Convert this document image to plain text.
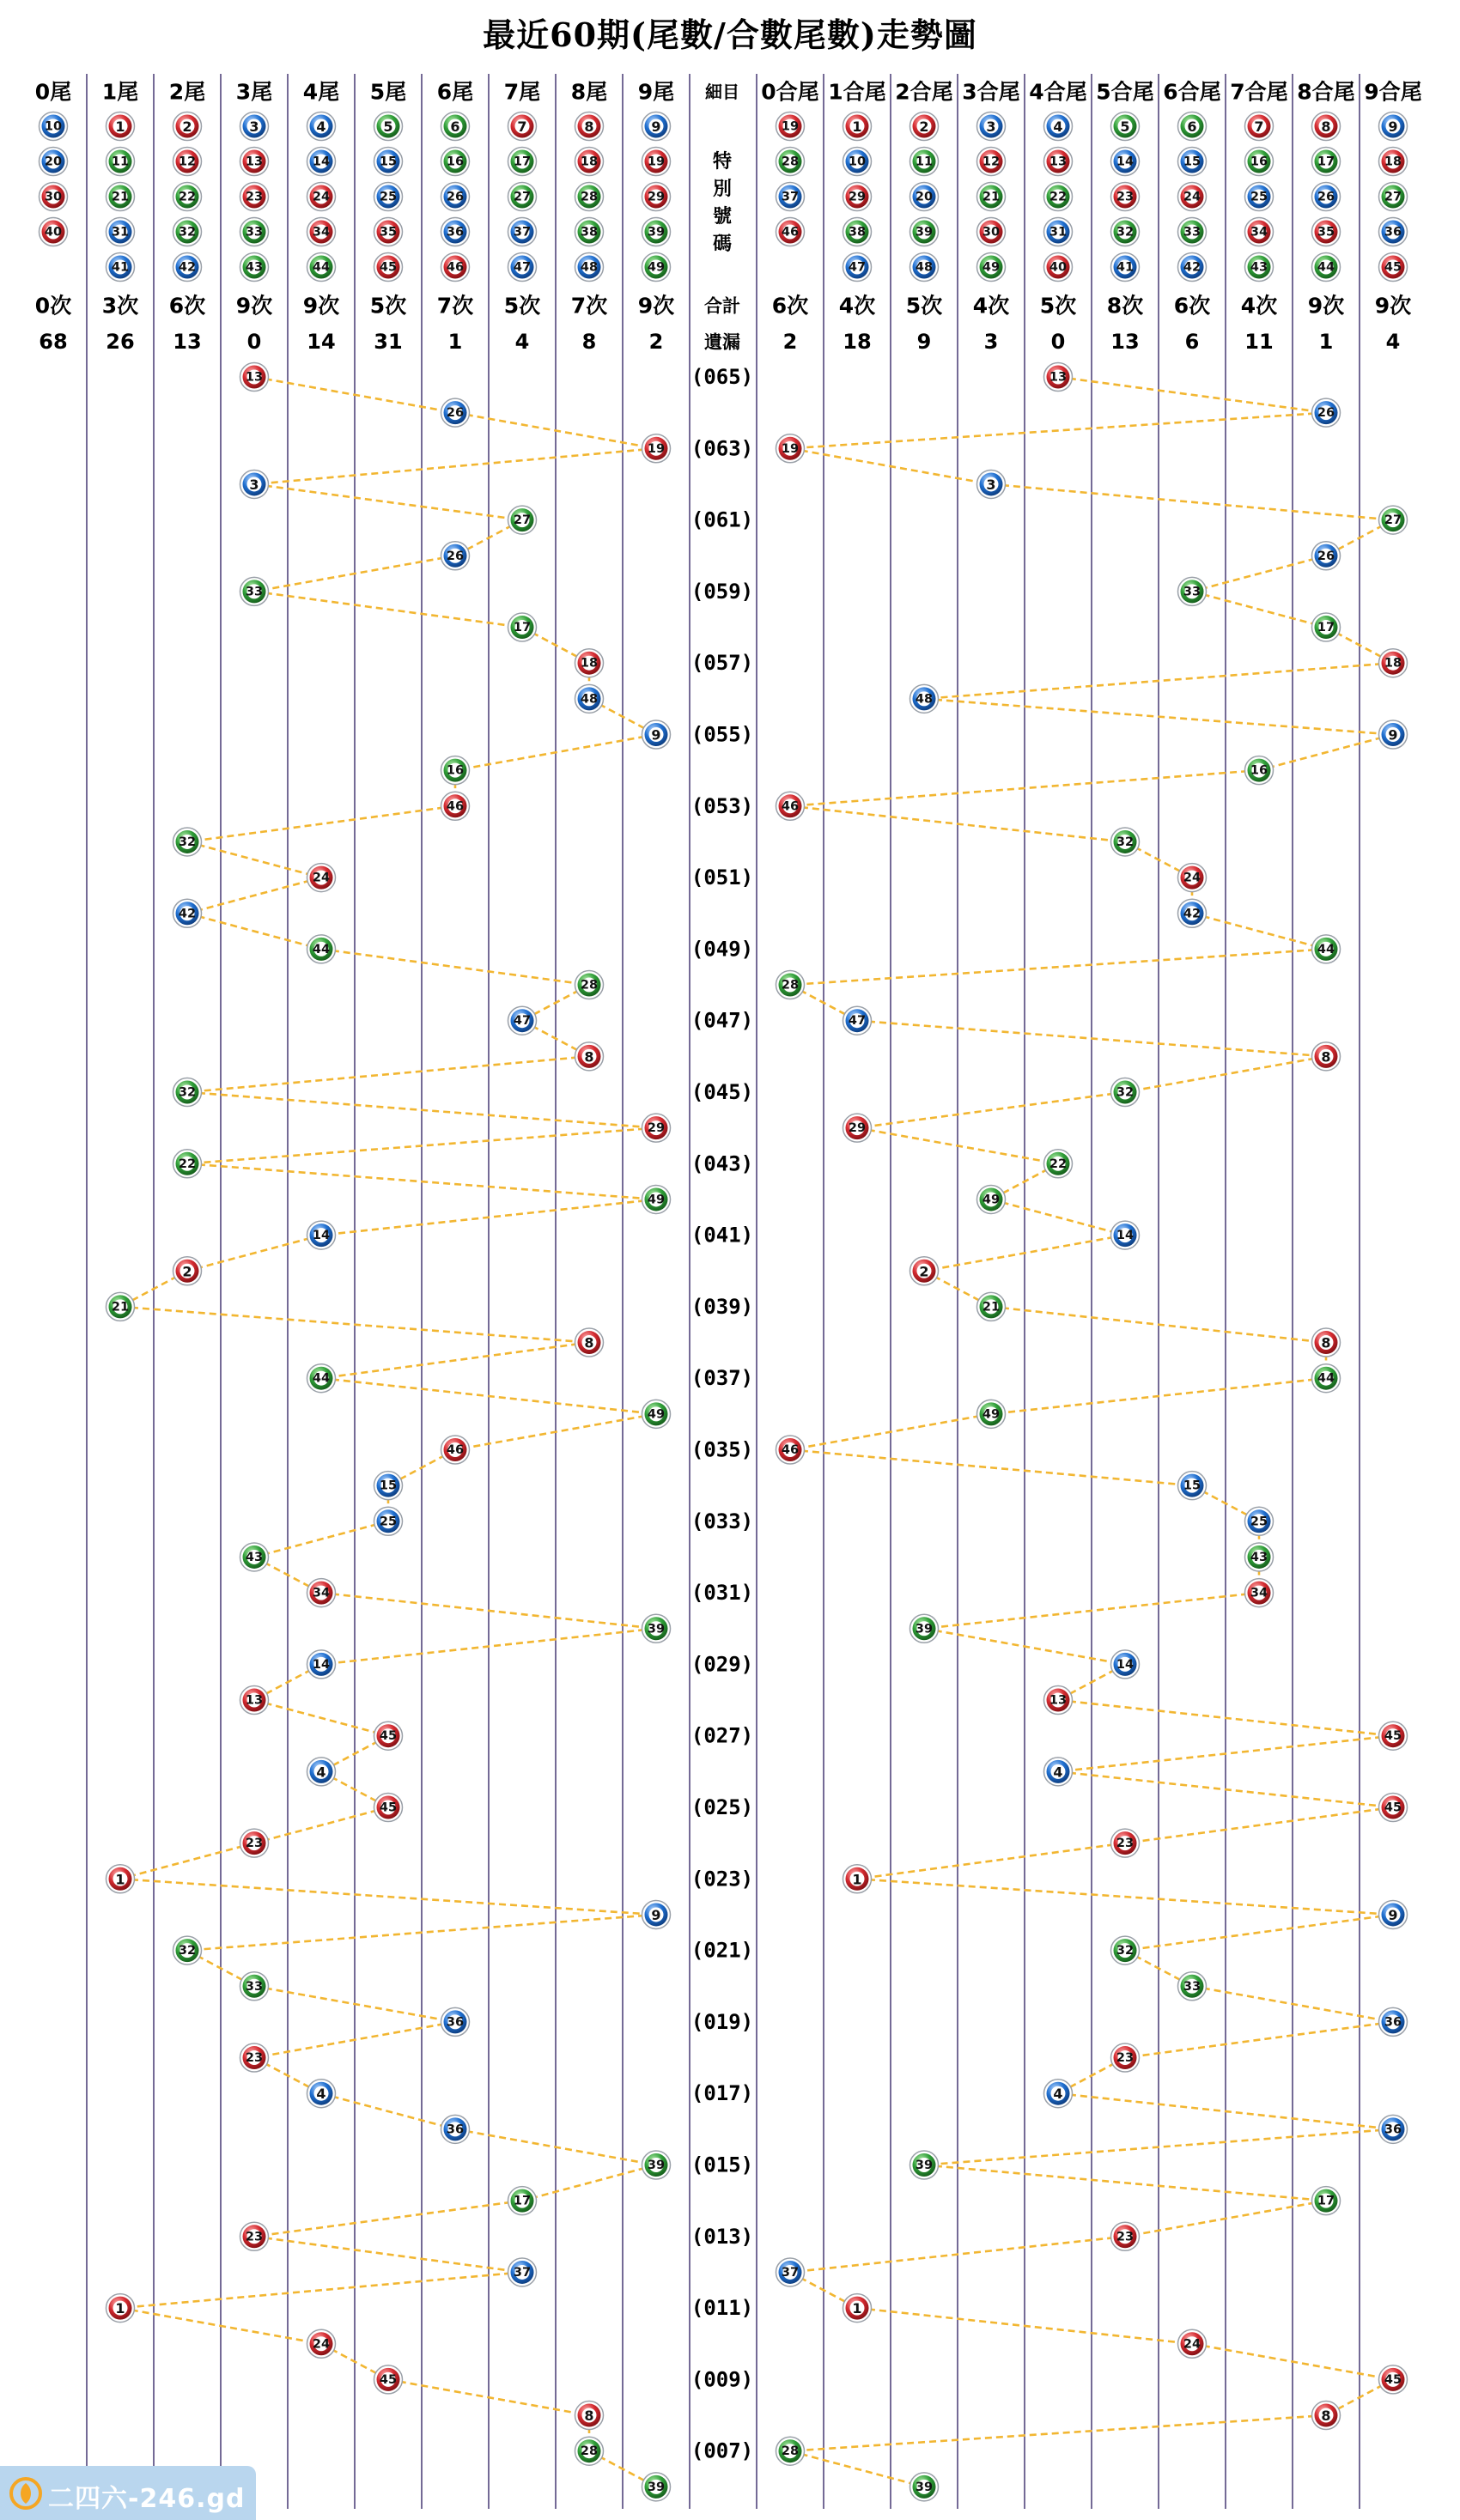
最近60期(尾數/合數尾數)走勢圖
10
20
30
40
1
11
21
31
41
2
12
22
32
42
3
13
23
33
43
4
14
24
34
44
5
15
25
35
45
6
16
26
36
46
7
17
27
37
47
8
18
28
38
48
9
19
29
39
49
19
28
37
46
1
10
29
38
47
2
11
20
39
48
3
12
21
30
49
4
13
22
31
40
5
14
23
32
41
6
15
24
33
42
7
16
25
34
43
8
17
26
35
44
9
18
27
36
45
13
26
19
3
27
26
33
17
18
48
9
16
46
32
24
42
44
28
47
8
32
29
22
49
14
2
21
8
44
49
46
15
25
43
34
39
14
13
45
4
45
23
1
9
32
33
36
23
4
36
39
17
23
37
1
24
45
8
28
39
13
26
19
3
27
26
33
17
18
48
9
16
46
32
24
42
44
28
47
8
32
29
22
49
14
2
21
8
44
49
46
15
25
43
34
39
14
13
45
4
45
23
1
9
32
33
36
23
4
36
39
17
23
37
1
24
45
8
28
39
0尾
0次
68
1尾
3次
26
2尾
6次
13
3尾
9次
0
4尾
9次
14
5尾
5次
31
6尾
7次
1
7尾
5次
4
8尾
7次
8
9尾
9次
2
0合尾
6次
2
1合尾
4次
18
2合尾
5次
9
3合尾
4次
3
4合尾
5次
0
5合尾
8次
13
6合尾
6次
6
7合尾
4次
11
8合尾
9次
1
9合尾
9次
4
細目
特
別
號
碼
合計
遺漏
(065)
(063)
(061)
(059)
(057)
(055)
(053)
(051)
(049)
(047)
(045)
(043)
(041)
(039)
(037)
(035)
(033)
(031)
(029)
(027)
(025)
(023)
(021)
(019)
(017)
(015)
(013)
(011)
(009)
(007)
二四六-246.gd
